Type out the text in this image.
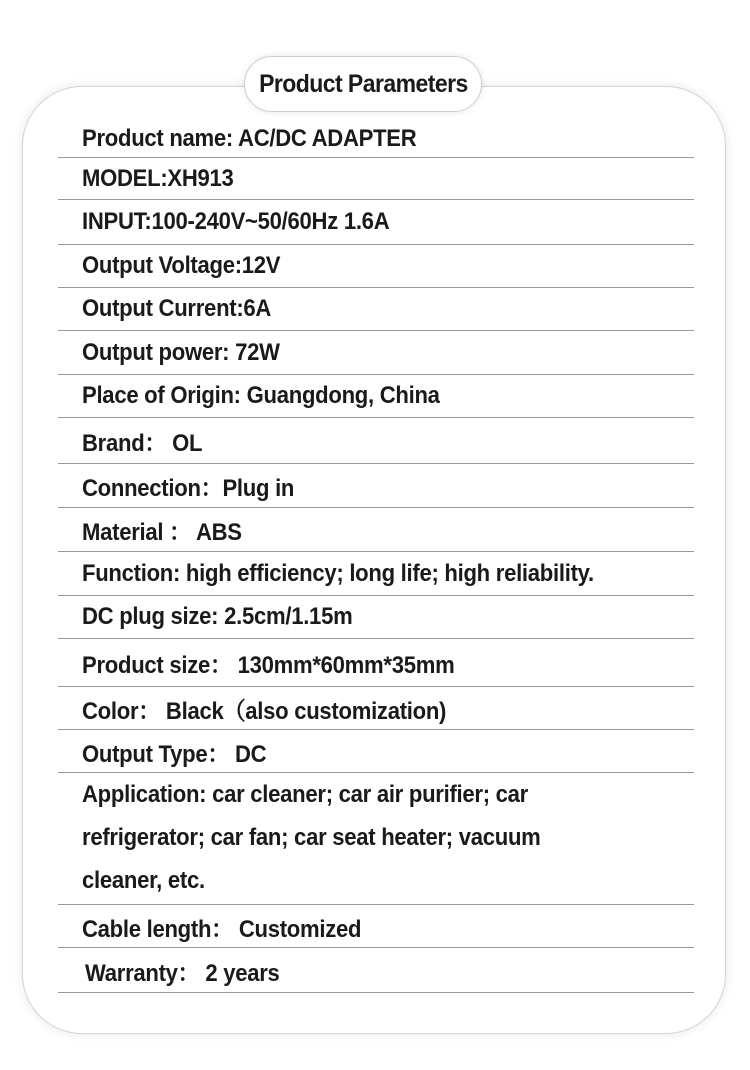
Product Parameters
Product name: AC/DC ADAPTER
MODEL:XH913
INPUT:100-240V~50/60Hz 1.6A
Output Voltage:12V
Output Current:6A
Output power: 72W
Place of Origin: Guangdong, China
Brand： OL
Connection：Plug in
Material ： ABS
Function: high efficiency; long life; high reliability.
DC plug size: 2.5cm/1.15m
Product size： 130mm*60mm*35mm
Color： Black（also customization)
Output Type： DC
Application: car cleaner; car air purifier; car
refrigerator; car fan; car seat heater; vacuum
cleaner, etc.
Cable length： Customized
Warranty： 2 years
